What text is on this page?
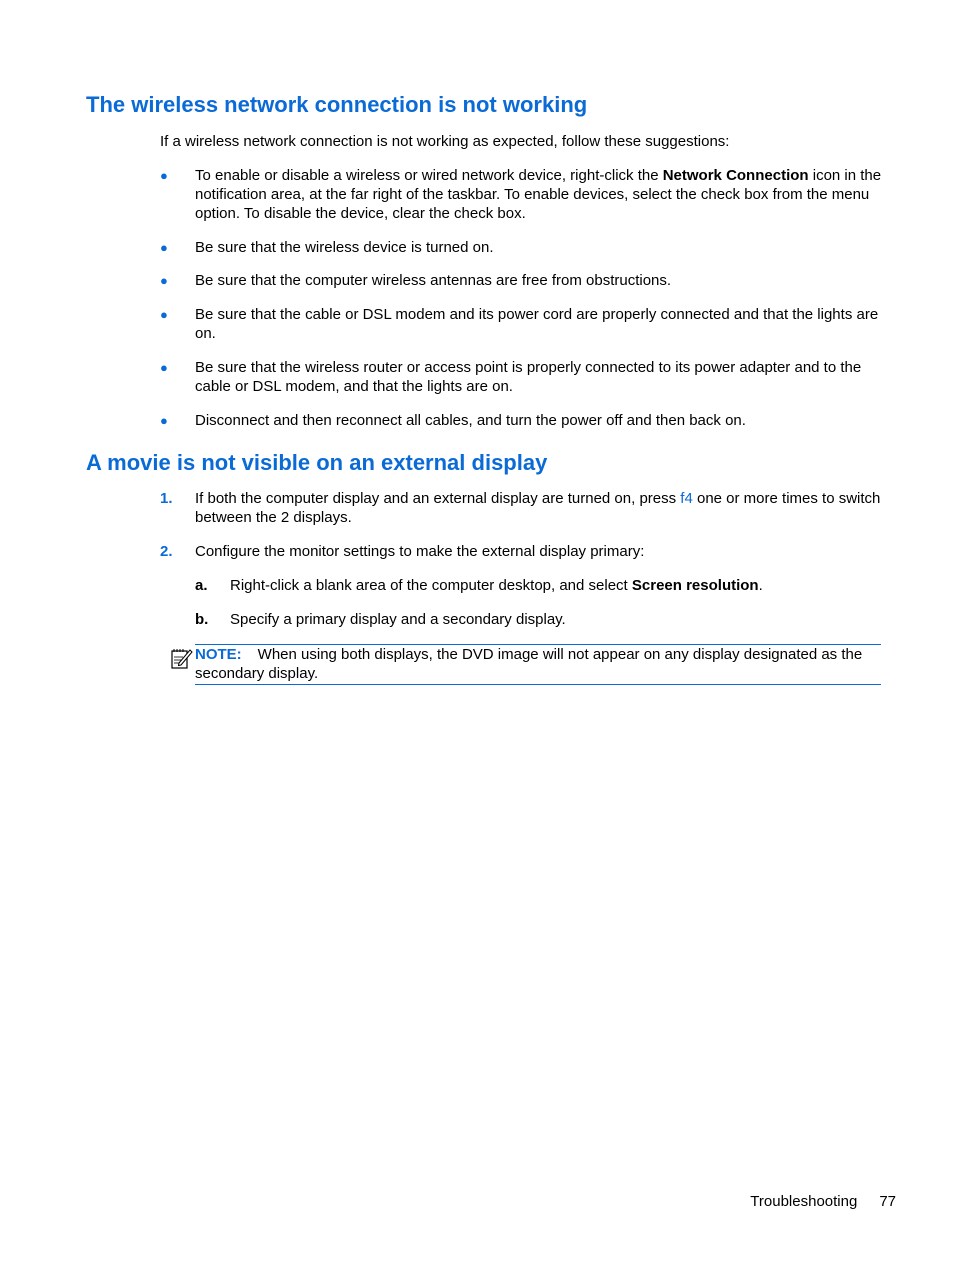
The wireless network connection is not working

If a wireless network connection is not working as expected, follow these suggestions:

●	To enable or disable a wireless or wired network device, right-click the Network Connection icon in the notification area, at the far right of the taskbar. To enable devices, select the check box from the menu option. To disable the device, clear the check box.
●	Be sure that the wireless device is turned on.
●	Be sure that the computer wireless antennas are free from obstructions.
●	Be sure that the cable or DSL modem and its power cord are properly connected and that the lights are on.
●	Be sure that the wireless router or access point is properly connected to its power adapter and to the cable or DSL modem, and that the lights are on.
●	Disconnect and then reconnect all cables, and turn the power off and then back on.
A movie is not visible on an external display
1. If both the computer display and an external display are turned on, press f4 one or more times to switch between the 2 displays.
2. Configure the monitor settings to make the external display primary:
a. Right-click a blank area of the computer desktop, and select Screen resolution.
b. Specify a primary display and a secondary display.
NOTE: When using both displays, the DVD image will not appear on any display designated as the secondary display.
Troubleshooting 77
